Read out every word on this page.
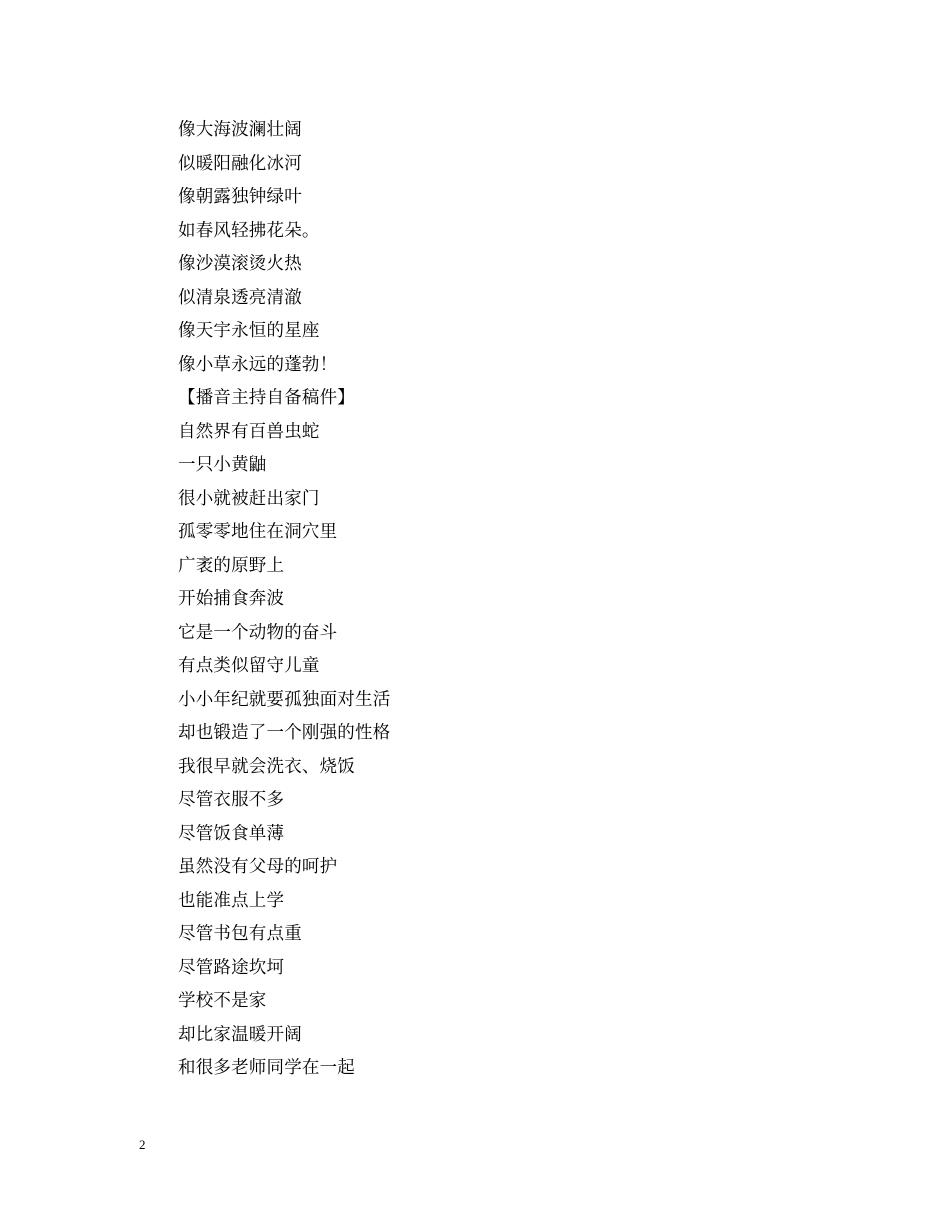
像大海波澜壮阔
似暖阳融化冰河
像朝露独钟绿叶
如春风轻拂花朵。
像沙漠滚烫火热
似清泉透亮清澈
像天宇永恒的星座
像小草永远的蓬勃！
【播音主持自备稿件】
自然界有百兽虫蛇
一只小黄鼬
很小就被赶出家门
孤零零地住在洞穴里
广袤的原野上
开始捕食奔波
它是一个动物的奋斗
有点类似留守儿童
小小年纪就要孤独面对生活
却也锻造了一个刚强的性格
我很早就会洗衣、烧饭
尽管衣服不多
尽管饭食单薄
虽然没有父母的呵护
也能准点上学
尽管书包有点重
尽管路途坎坷
学校不是家
却比家温暖开阔
和很多老师同学在一起
2
